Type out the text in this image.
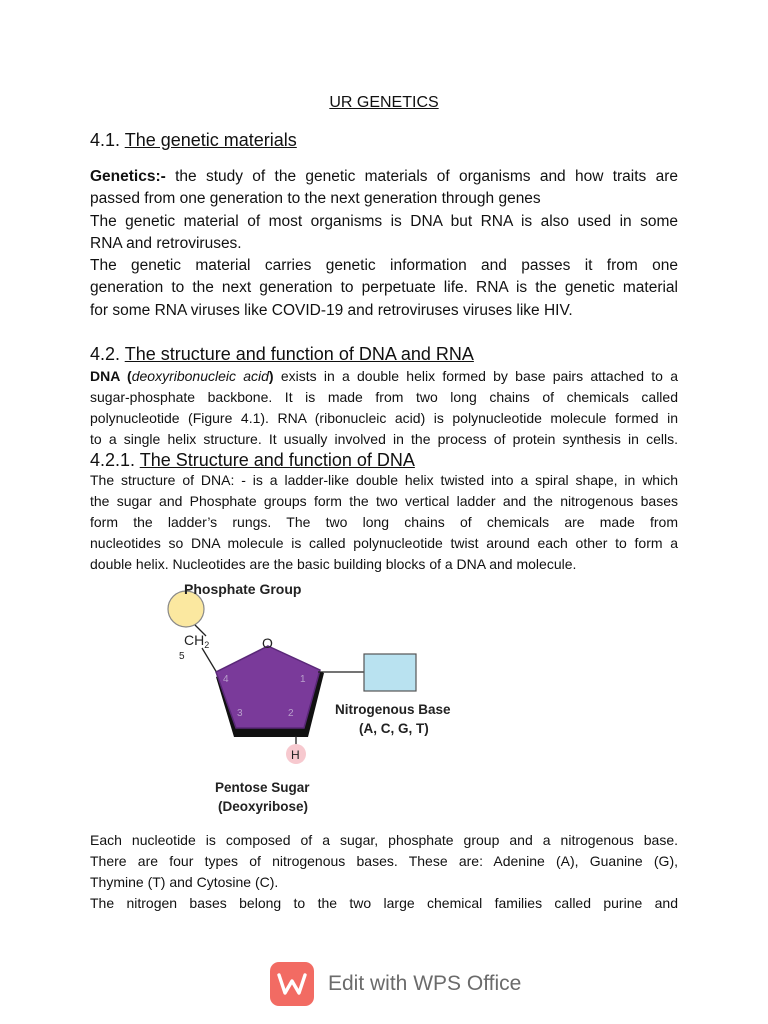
UR GENETICS
4.1. The genetic materials
Genetics:- the study of the genetic materials of organisms and how traits are
passed from one generation to the next generation through genes
The genetic material of most organisms is DNA but RNA is also used in some
RNA and retroviruses.
The genetic material carries genetic information and passes it from one
generation to the next generation to perpetuate life. RNA is the genetic material
for some RNA viruses like COVID-19 and retroviruses viruses like HIV.
4.2. The structure and function of DNA and RNA
DNA (deoxyribonucleic acid) exists in a double helix formed by base pairs attached to a
sugar-phosphate backbone. It is made from two long chains of chemicals called
polynucleotide (Figure 4.1). RNA (ribonucleic acid) is polynucleotide molecule formed in
to a single helix structure. It usually involved in the process of protein synthesis in cells.
4.2.1. The Structure and function of DNA
The structure of DNA: - is a ladder-like double helix twisted into a spiral shape, in which
the sugar and Phosphate groups form the two vertical ladder and the nitrogenous bases
form the ladder’s rungs. The two long chains of chemicals are made from
nucleotides so DNA molecule is called polynucleotide twist around each other to form a
double helix. Nucleotides are the basic building blocks of a DNA and molecule.
Phosphate Group
$CH_2$
5
O
1
2
3
4
Nitrogenous Base
(A, C, G, T)
H
Pentose Sugar
(Deoxyribose)
Each nucleotide is composed of a sugar, phosphate group and a nitrogenous base.
There are four types of nitrogenous bases. These are: Adenine (A), Guanine (G),
Thymine (T) and Cytosine (C).
The nitrogen bases belong to the two large chemical families called purine and
Edit with WPS Office
